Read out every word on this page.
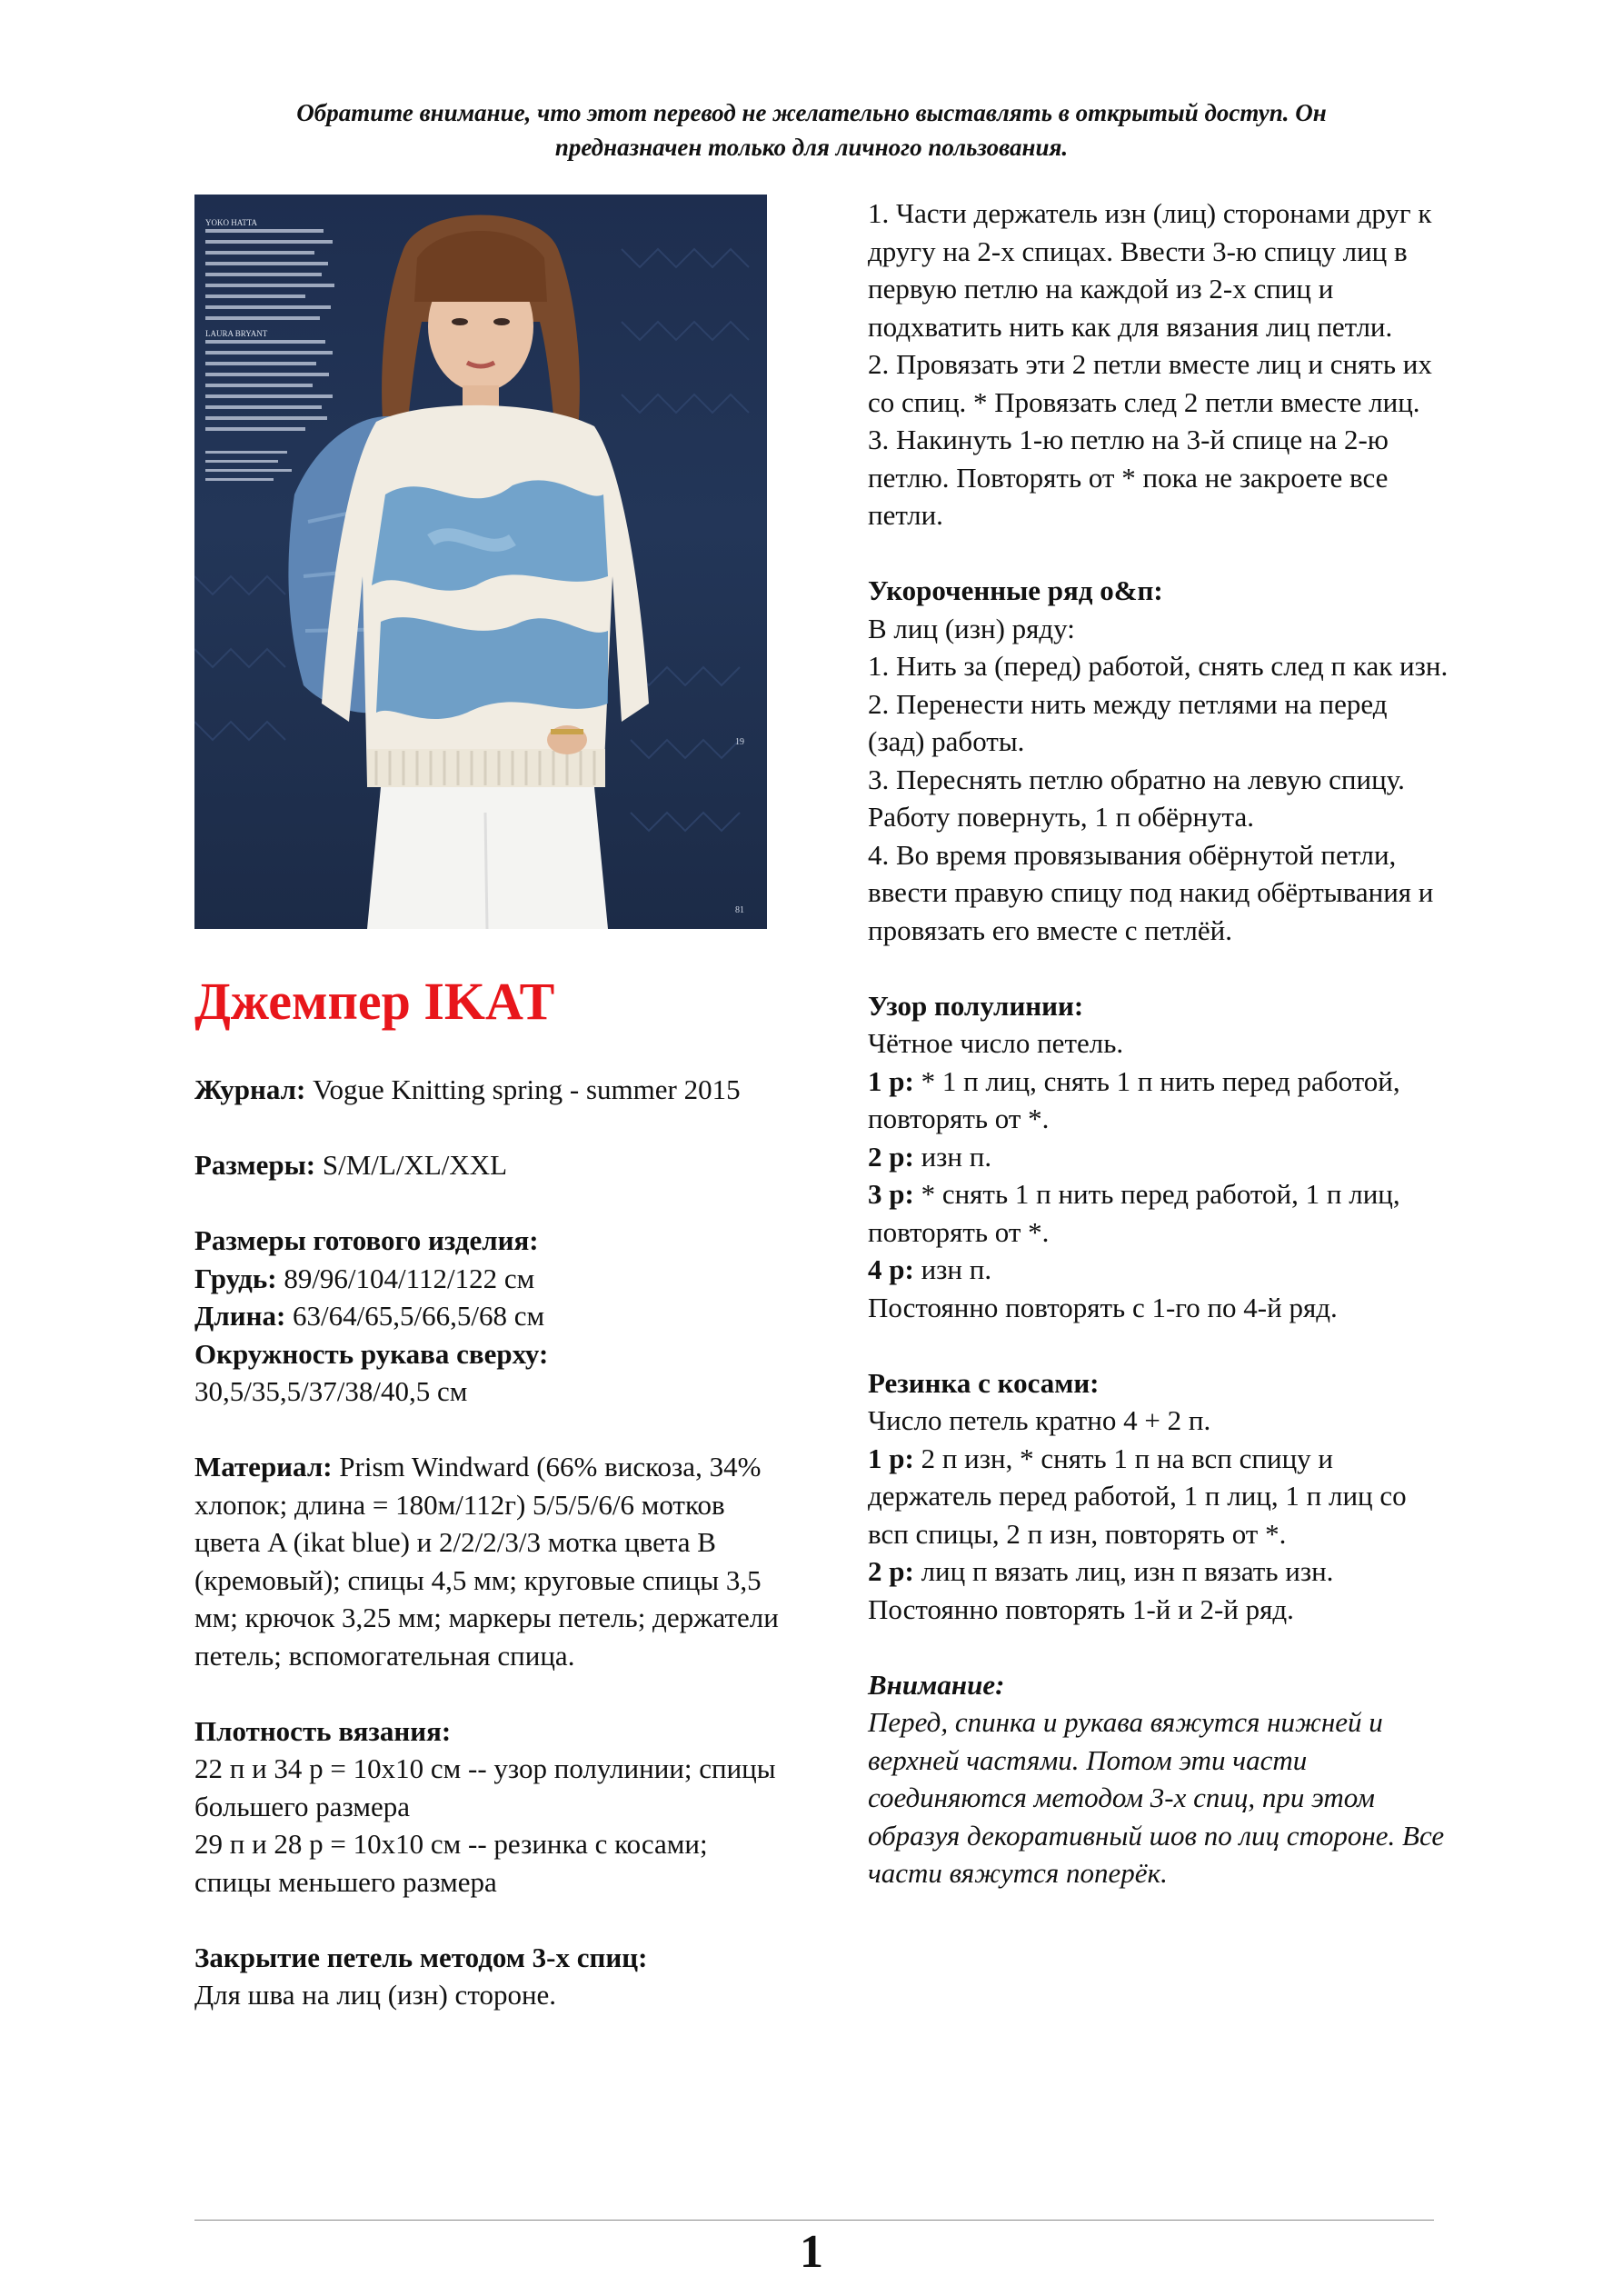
Обратите внимание, что этот перевод не желательно выставлять в открытый доступ. Он
предназначен только для личного пользования.
YOKO HATTA
LAURA BRYANT
19
81
Джемпер IKAT

Журнал: Vogue Knitting spring - summer 2015

Размеры: S/M/L/XL/XXL

Размеры готового изделия:

Грудь: 89/96/104/112/122 см

Длина: 63/64/65,5/66,5/68 см

Окружность рукава сверху:

30,5/35,5/37/38/40,5 см

Материал: Prism Windward (66% вискоза, 34% хлопок; длина = 180м/112г) 5/5/5/6/6 мотков цвета A (ikat blue) и 2/2/2/3/3 мотка цвета B (кремовый); спицы 4,5 мм; круговые спицы 3,5 мм; крючок 3,25 мм; маркеры петель; держатели петель; вспомогательная спица.

Плотность вязания:

22 п и 34 р = 10х10 см -- узор полулинии; спицы большего размера

29 п и 28 р = 10х10 см -- резинка с косами; спицы меньшего размера

Закрытие петель методом 3-х спиц:

Для шва на лиц (изн) стороне.

1. Части держатель изн (лиц) сторонами друг к другу на 2-х спицах. Ввести 3-ю спицу лиц в первую петлю на каждой из 2-х спиц и подхватить нить как для вязания лиц петли.

2. Провязать эти 2 петли вместе лиц и снять их со спиц. * Провязать след 2 петли вместе лиц.

3. Накинуть 1-ю петлю на 3-й спице на 2-ю петлю. Повторять от * пока не закроете все петли.

Укороченные ряд о&п:

В лиц (изн) ряду:

1. Нить за (перед) работой, снять след п как изн.

2. Перенести нить между петлями на перед (зад) работы.

3. Переснять петлю обратно на левую спицу. Работу повернуть, 1 п обёрнута.

4. Во время провязывания обёрнутой петли, ввести правую спицу под накид обёртывания и провязать его вместе с петлёй.

Узор полулинии:

Чётное число петель.

1 р: * 1 п лиц, снять 1 п нить перед работой, повторять от *.

2 р: изн п.

3 р: * снять 1 п нить перед работой, 1 п лиц, повторять от *.

4 р: изн п.

Постоянно повторять с 1-го по 4-й ряд.

Резинка с косами:

Число петель кратно 4 + 2 п.

1 р: 2 п изн, * снять 1 п на всп спицу и держатель перед работой, 1 п лиц, 1 п лиц со всп спицы, 2 п изн, повторять от *.

2 р: лиц п вязать лиц, изн п вязать изн.

Постоянно повторять 1-й и 2-й ряд.

Внимание:

Перед, спинка и рукава вяжутся нижней и верхней частями. Потом эти части соединяются методом 3-х спиц, при этом образуя декоративный шов по лиц стороне. Все части вяжутся поперёк.

1
